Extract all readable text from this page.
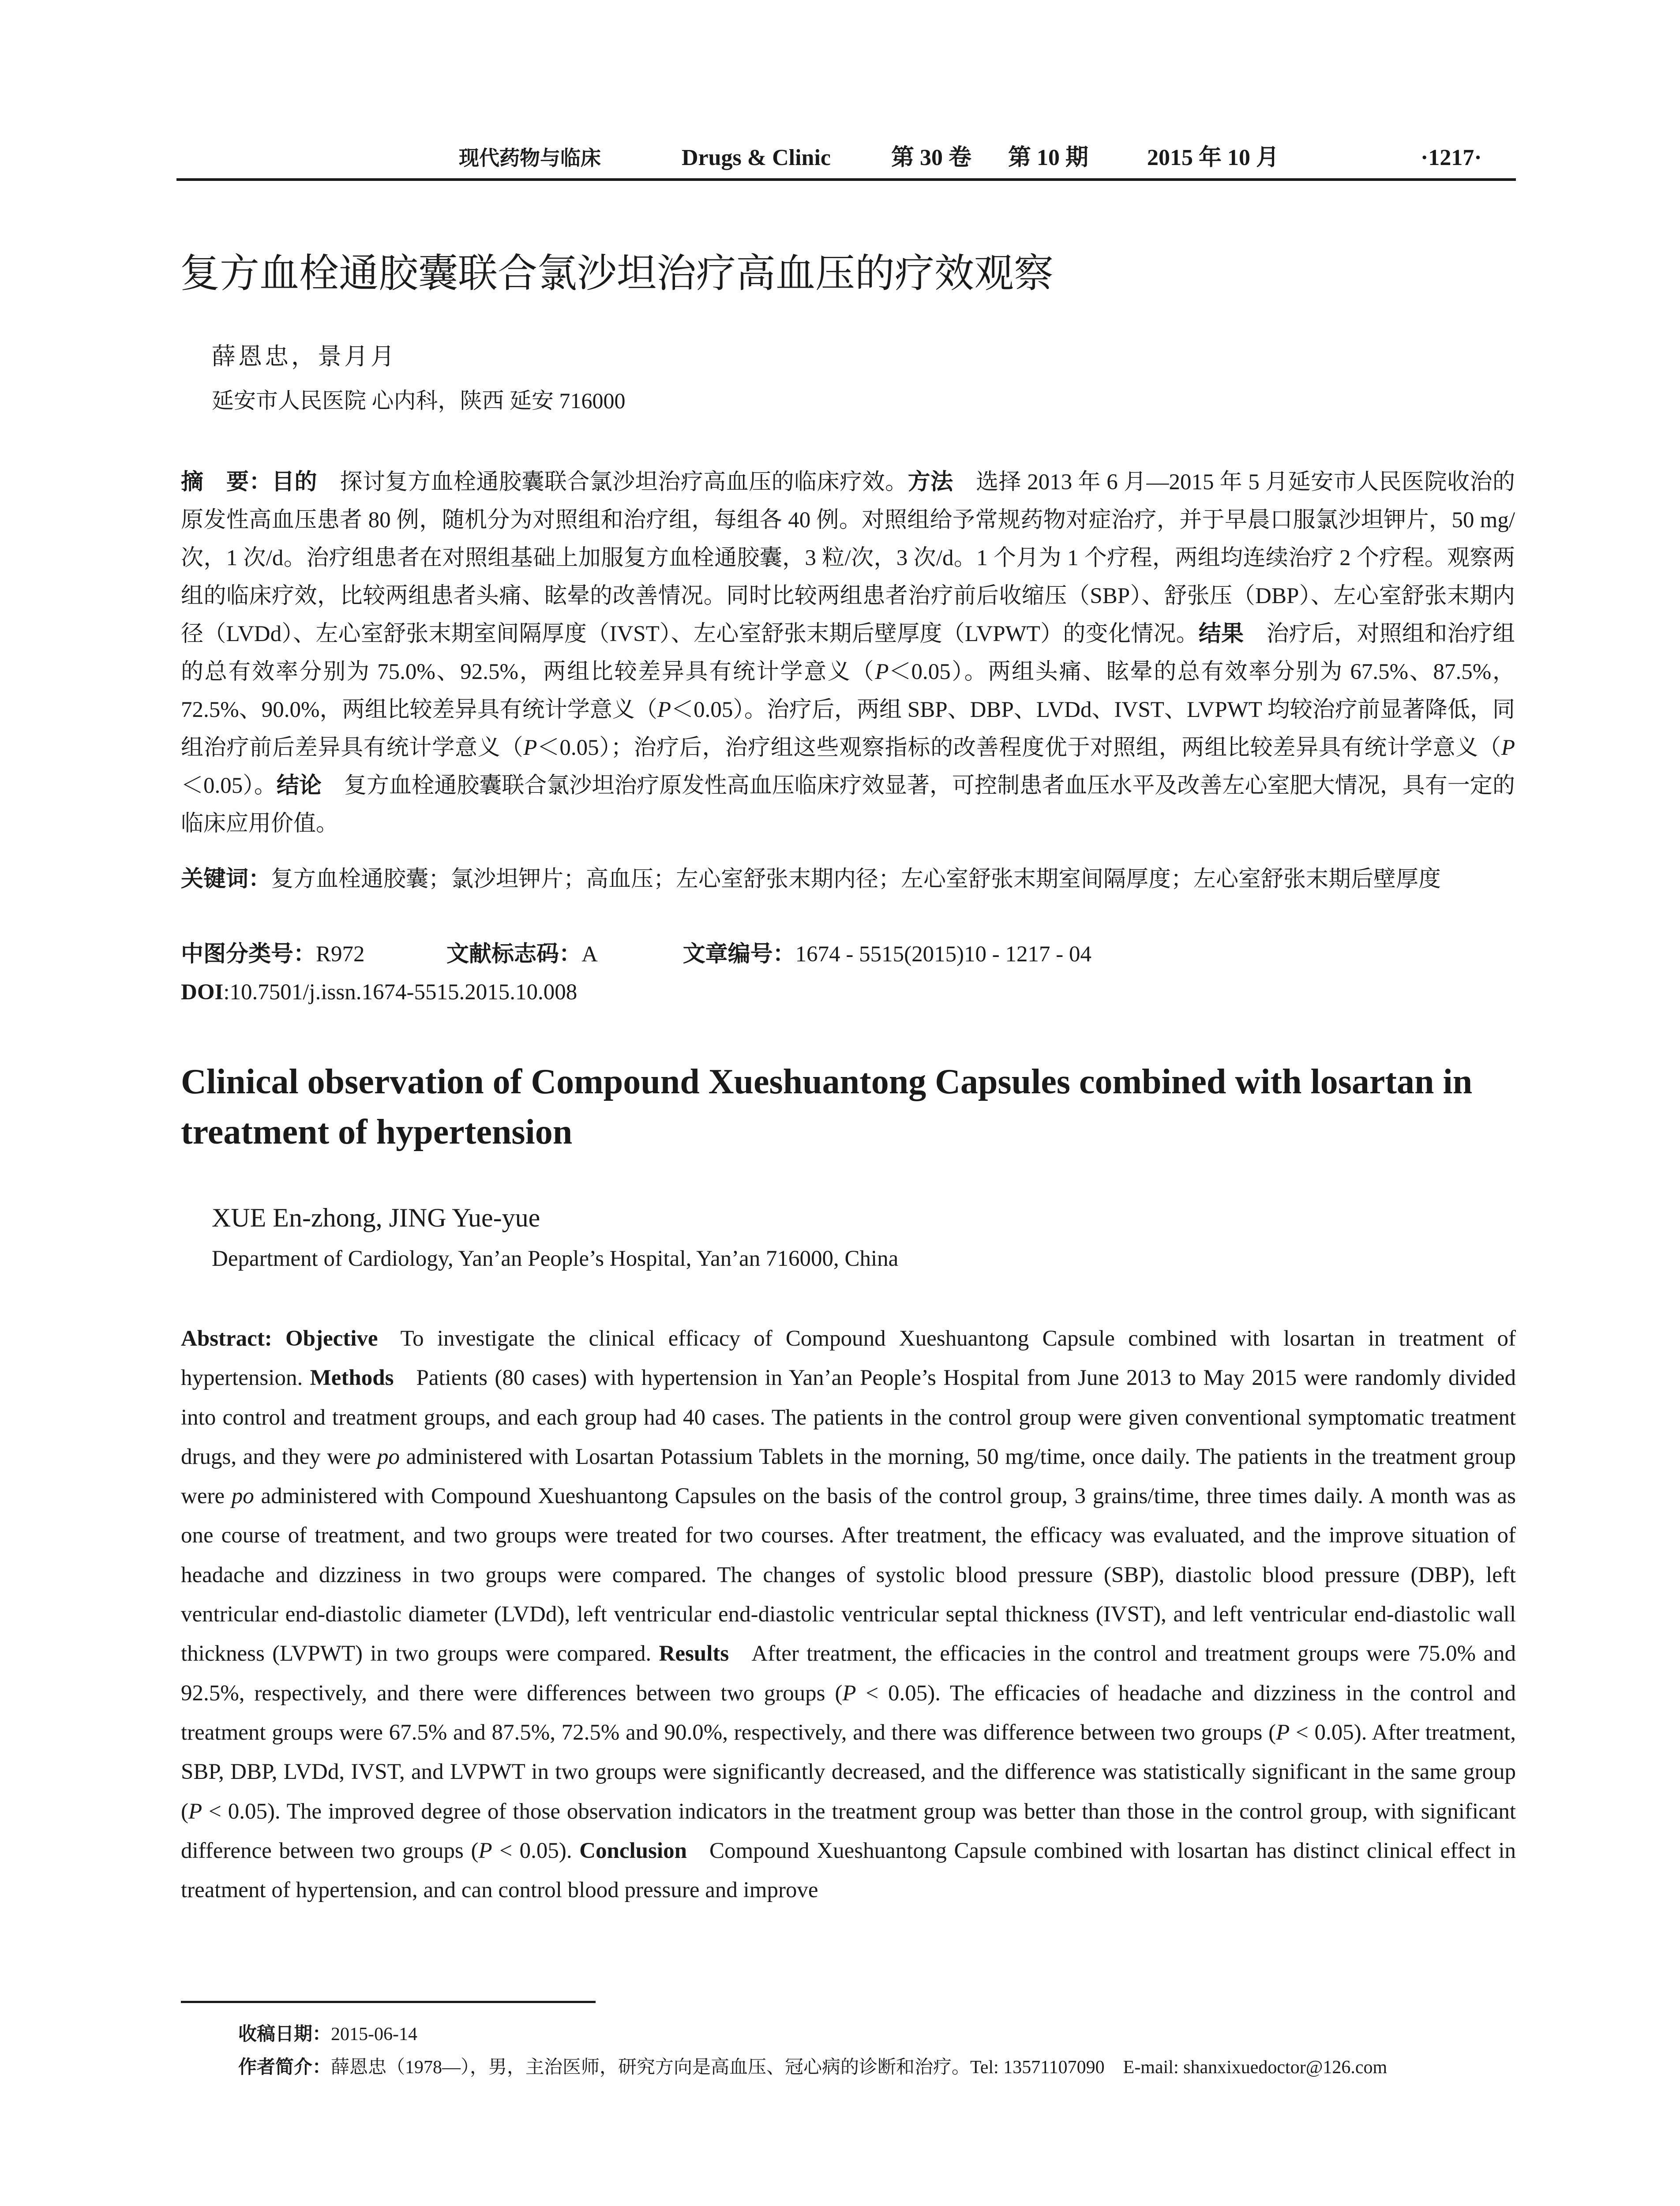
现代药物与临床	Drugs & Clinic	第 30 卷 第 10 期	2015 年 10 月	·1217·
复方血栓通胶囊联合氯沙坦治疗高血压的疗效观察
薛恩忠，景月月
延安市人民医院 心内科，陕西 延安 716000
摘　要：目的　 探讨复方血栓通胶囊联合氯沙坦治疗高血压的临床疗效。方法　 选择 2013 年 6 月—2015 年 5 月延安市人民医院收治的原发性高血压患者 80 例，随机分为对照组和治疗组，每组各 40 例。对照组给予常规药物对症治疗，并于早晨口服氯沙坦钾片，50 mg/次，1 次/d。治疗组患者在对照组基础上加服复方血栓通胶囊，3 粒/次，3 次/d。1 个月为 1 个疗程，两组均连续治疗 2 个疗程。观察两组的临床疗效，比较两组患者头痛、眩晕的改善情况。同时比较两组患者治疗前后收缩压（SBP）、舒张压（DBP）、左心室舒张末期内径（LVDd）、左心室舒张末期室间隔厚度（IVST）、左心室舒张末期后壁厚度（LVPWT）的变化情况。结果　 治疗后，对照组和治疗组的总有效率分别为 75.0%、92.5%，两组比较差异具有统计学意义（P＜0.05）。两组头痛、眩晕的总有效率分别为 67.5%、87.5%，72.5%、90.0%，两组比较差异具有统计学意义（P＜0.05）。治疗后，两组 SBP、DBP、LVDd、IVST、LVPWT 均较治疗前显著降低，同组治疗前后差异具有统计学意义（P＜0.05）；治疗后，治疗组这些观察指标的改善程度优于对照组，两组比较差异具有统计学意义（P＜0.05）。结论　 复方血栓通胶囊联合氯沙坦治疗原发性高血压临床疗效显著，可控制患者血压水平及改善左心室肥大情况，具有一定的临床应用价值。
关键词：复方血栓通胶囊；氯沙坦钾片；高血压；左心室舒张末期内径；左心室舒张末期室间隔厚度；左心室舒张末期后壁厚度
中图分类号：R972	文献标志码：A	文章编号：1674 - 5515(2015)10 - 1217 - 04
DOI:10.7501/j.issn.1674-5515.2015.10.008
Clinical observation of Compound Xueshuantong Capsules combined with losartan in treatment of hypertension
XUE En-zhong, JING Yue-yue
Department of Cardiology, Yan’an People’s Hospital, Yan’an 716000, China
Abstract: Objective  To investigate the clinical efficacy of Compound Xueshuantong Capsule combined with losartan in treatment of hypertension. Methods  Patients (80 cases) with hypertension in Yan’an People’s Hospital from June 2013 to May 2015 were randomly divided into control and treatment groups, and each group had 40 cases. The patients in the control group were given conventional symptomatic treatment drugs, and they were po administered with Losartan Potassium Tablets in the morning, 50 mg/time, once daily. The patients in the treatment group were po administered with Compound Xueshuantong Capsules on the basis of the control group, 3 grains/time, three times daily. A month was as one course of treatment, and two groups were treated for two courses. After treatment, the efficacy was evaluated, and the improve situation of headache and dizziness in two groups were compared. The changes of systolic blood pressure (SBP), diastolic blood pressure (DBP), left ventricular end-diastolic diameter (LVDd), left ventricular end-diastolic ventricular septal thickness (IVST), and left ventricular end-diastolic wall thickness (LVPWT) in two groups were compared. Results  After treatment, the efficacies in the control and treatment groups were 75.0% and 92.5%, respectively, and there were differences between two groups (P < 0.05). The efficacies of headache and dizziness in the control and treatment groups were 67.5% and 87.5%, 72.5% and 90.0%, respectively, and there was difference between two groups (P < 0.05). After treatment, SBP, DBP, LVDd, IVST, and LVPWT in two groups were significantly decreased, and the difference was statistically significant in the same group (P < 0.05). The improved degree of those observation indicators in the treatment group was better than those in the control group, with significant difference between two groups (P < 0.05). Conclusion  Compound Xueshuantong Capsule combined with losartan has distinct clinical effect in treatment of hypertension, and can control blood pressure and improve
收稿日期：2015-06-14
作者简介：薛恩忠（1978—），男，主治医师，研究方向是高血压、冠心病的诊断和治疗。Tel: 13571107090　E-mail: shanxixuedoctor@126.com
